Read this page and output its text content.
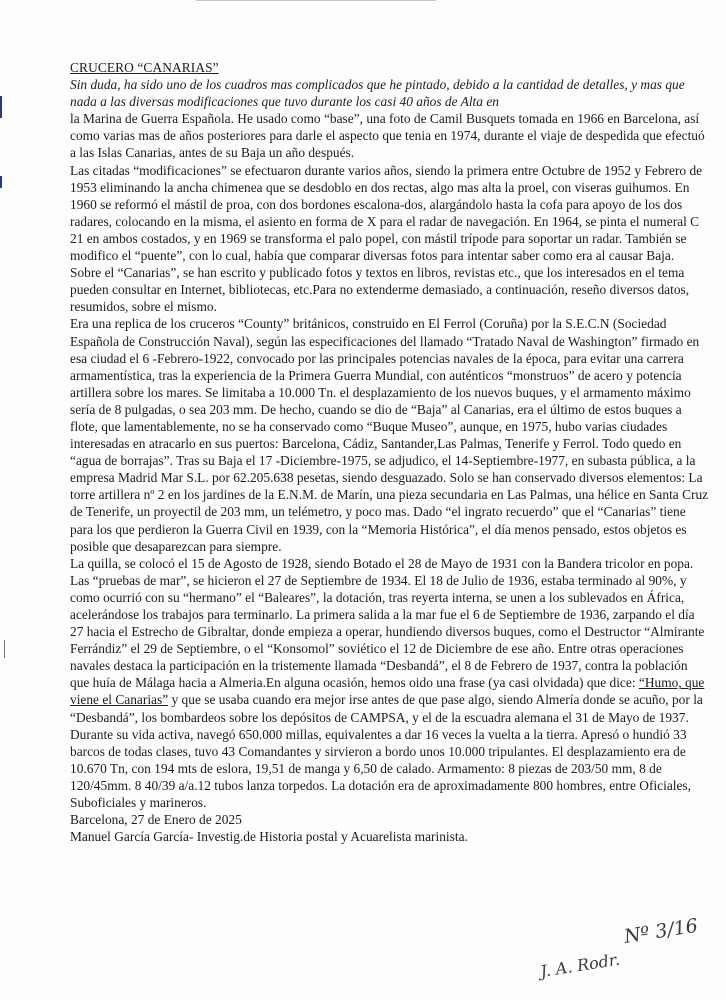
CRUCERO “CANARIAS”

Sin duda, ha sido uno de los cuadros mas complicados que he pintado, debido a la cantidad de detalles, y mas que nada a las diversas modificaciones que tuvo durante los casi 40 años de Alta en

la Marina de Guerra Española. He usado como “base”, una foto de Camil Busquets tomada en 1966 en Barcelona, así como varias mas de años posteriores para darle el aspecto que tenia en 1974, durante el viaje de despedida que efectuó a las Islas Canarias, antes de su Baja un año después.

Las citadas “modificaciones” se efectuaron durante varios años, siendo la primera entre Octubre de 1952 y Febrero de 1953 eliminando la ancha chimenea que se desdoblo en dos rectas, algo mas alta la proel, con viseras guihumos. En 1960 se reformó el mástil de proa, con dos bordones escalona-dos, alargándolo hasta la cofa para apoyo de los dos radares, colocando en la misma, el asiento en forma de X para el radar de navegación. En 1964, se pinta el numeral C 21 en ambos costados, y en 1969 se transforma el palo popel, con mástil trípode para soportar un radar. También se modifico el “puente”, con lo cual, había que comparar diversas fotos para intentar saber como era al causar Baja.

Sobre el “Canarias”, se han escrito y publicado fotos y textos en libros, revistas etc., que los interesados en el tema pueden consultar en Internet, bibliotecas, etc.Para no extenderme demasiado, a continuación, reseño diversos datos, resumidos, sobre el mismo.

Era una replica de los cruceros “County” británicos, construido en El Ferrol (Coruña) por la S.E.C.N (Sociedad Española de Construcción Naval), según las especificaciones del llamado “Tratado Naval de Washington” firmado en esa ciudad el 6 -Febrero-1922, convocado por las principales potencias navales de la época, para evitar una carrera armamentística, tras la experiencia de la Primera Guerra Mundial, con auténticos “monstruos” de acero y potencia artillera sobre los mares. Se limitaba a 10.000 Tn. el desplazamiento de los nuevos buques, y el armamento máximo sería de 8 pulgadas, o sea 203 mm. De hecho, cuando se dio de “Baja” al Canarias, era el último de estos buques a flote, que lamentablemente, no se ha conservado como “Buque Museo”, aunque, en 1975, hubo varias ciudades interesadas en atracarlo en sus puertos: Barcelona, Cádiz, Santander,Las Palmas, Tenerife y Ferrol. Todo quedo en “agua de borrajas”. Tras su Baja el 17 -Diciembre-1975, se adjudico, el 14-Septiembre-1977, en subasta pública, a la empresa Madrid Mar S.L. por 62.205.638 pesetas, siendo desguazado. Solo se han conservado diversos elementos: La torre artillera nº 2 en los jardines de la E.N.M. de Marín, una pieza secundaria en Las Palmas, una hélice en Santa Cruz de Tenerife, un proyectil de 203 mm, un telémetro, y poco mas. Dado “el ingrato recuerdo” que el “Canarias” tiene para los que perdieron la Guerra Civil en 1939, con la “Memoria Histórica”, el día menos pensado, estos objetos es posible que desaparezcan para siempre.

La quilla, se colocó el 15 de Agosto de 1928, siendo Botado el 28 de Mayo de 1931 con la Bandera tricolor en popa. Las “pruebas de mar”, se hicieron el 27 de Septiembre de 1934. El 18 de Julio de 1936, estaba terminado al 90%, y como ocurrió con su “hermano” el “Baleares”, la dotación, tras reyerta interna, se unen a los sublevados en África, acelerándose los trabajos para terminarlo. La primera salida a la mar fue el 6 de Septiembre de 1936, zarpando el día 27 hacia el Estrecho de Gibraltar, donde empieza a operar, hundiendo diversos buques, como el Destructor “Almirante Ferrándiz” el 29 de Septiembre, o el “Konsomol” soviético el 12 de Diciembre de ese año. Entre otras operaciones navales destaca la participación en la tristemente llamada “Desbandá”, el 8 de Febrero de 1937, contra la población que huía de Málaga hacia a Almeria.En alguna ocasión, hemos oido una frase (ya casi olvidada) que dice: “Humo, que viene el Canarias” y que se usaba cuando era mejor irse antes de que pase algo, siendo Almería donde se acuño, por la “Desbandá”, los bombardeos sobre los depósitos de CAMPSA, y el de la escuadra alemana el 31 de Mayo de 1937. Durante su vida activa, navegó 650.000 millas, equivalentes a dar 16 veces la vuelta a la tierra. Apresó o hundió 33 barcos de todas clases, tuvo 43 Comandantes y sirvieron a bordo unos 10.000 tripulantes. El desplazamiento era de 10.670 Tn, con 194 mts de eslora, 19,51 de manga y 6,50 de calado. Armamento: 8 piezas de 203/50 mm, 8 de 120/45mm. 8 40/39 a/a.12 tubos lanza torpedos. La dotación era de aproximadamente 800 hombres, entre Oficiales, Suboficiales y marineros.

Barcelona, 27 de Enero de 2025

Manuel García García- Investig.de Historia postal y Acuarelista marinista.

J. A. Rodr.
Nº 3/16
